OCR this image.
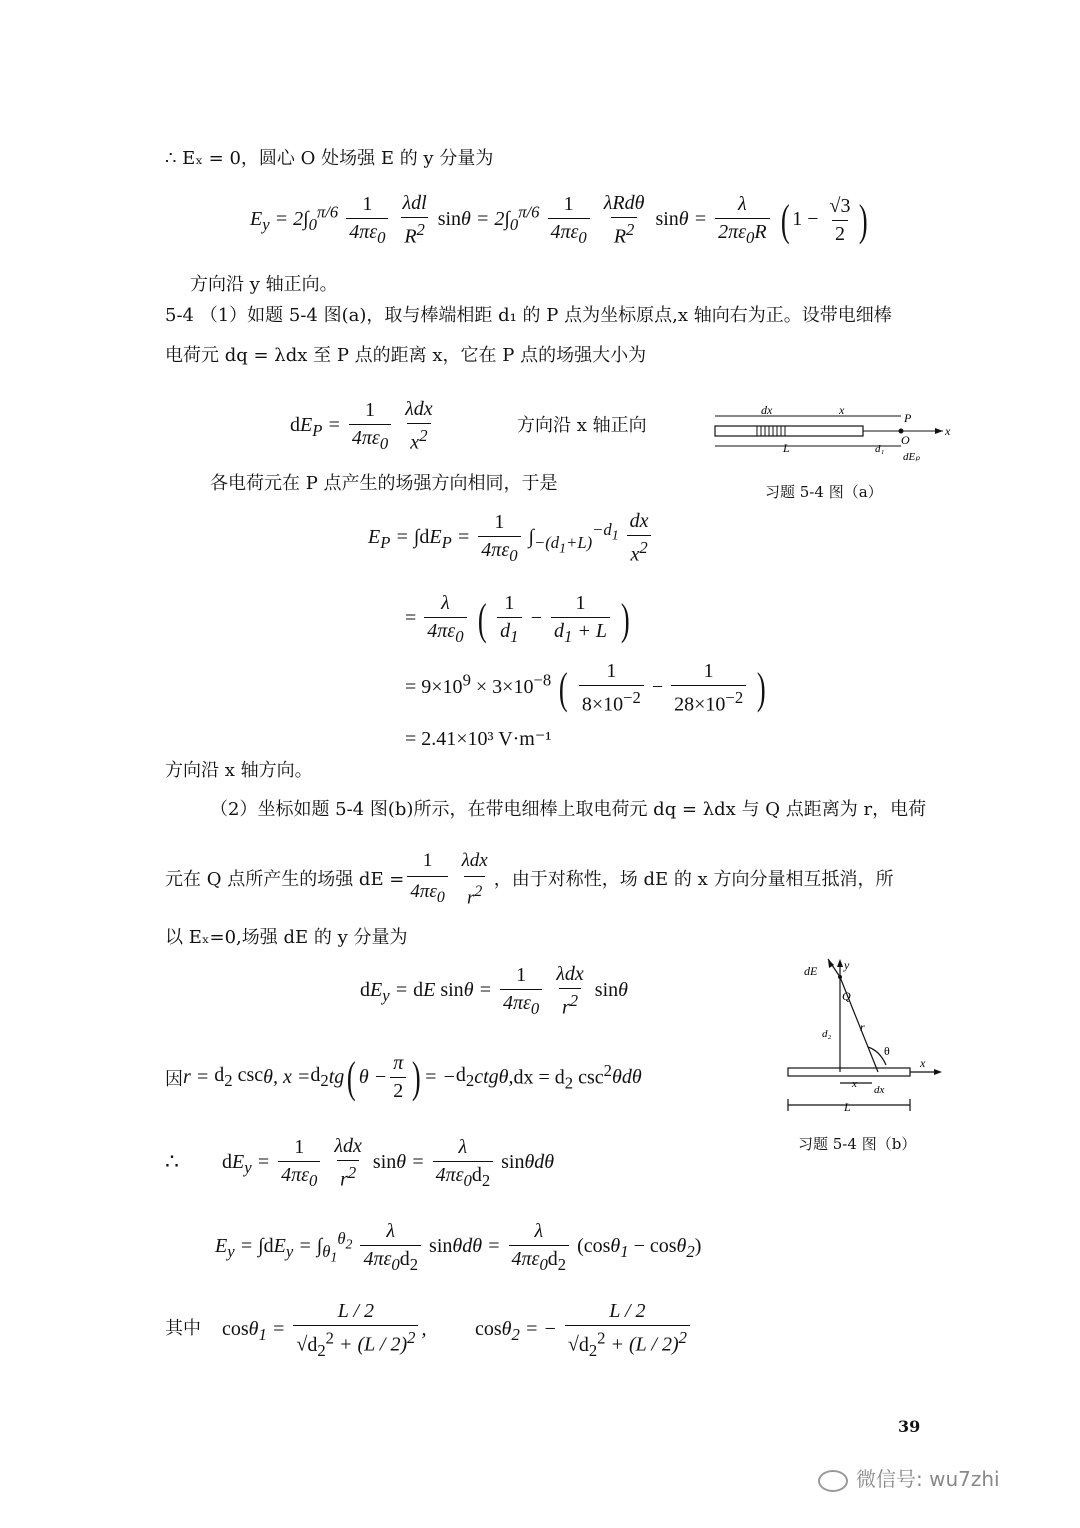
∴ Eₓ = 0，圆心 O 处场强 E 的 y 分量为
$E_y = 2\int_0^{\pi/6} \frac{1}{4\pi\varepsilon_0}$
$\frac{\text{λdl}}{R^2}$ $\sin\theta = 2\int_0^{\pi/6} \frac{1}{4\pi\varepsilon_0}$
$\frac{\text{λRdθ}}{R^2}$ $\sin\theta = \frac{\lambda}{2\pi\varepsilon_0R}$ ( $1 - \frac{√3}{2}$ )
方向沿 y 轴正向。
5-4 （1）如题 5-4 图(a)，取与棒端相距 d₁ 的 P 点为坐标原点,x 轴向右为正。设带电细棒
电荷元 dq = λdx 至 P 点的距离 x，它在 P 点的场强大小为
$dE_P = \frac{1}{4\pi\varepsilon_0}$
$\frac{\text{λdx}}{x^2}$	方向沿 x 轴正向
dx	x
P
x
L	d₁
O
dEₚ
习题 5-4 图（a）
各电荷元在 P 点产生的场强方向相同，于是
$E_P = \int dE_P = \frac{1}{4\pi\varepsilon_0} \int_{-(d_1+L)}^{-d_1} \frac{dx}{x^2}$
= $\frac{\lambda}{4\pi\varepsilon_0}$ ( $\frac{1}{d_1} - \frac{1}{d_1 + L}$ )
= $9\times 10^9 \times 3\times 10^{-8}$ ( $\frac{1}{8\times 10^{-2}} - \frac{1}{28\times 10^{-2}}$ )
= 2.41×10³ V·m⁻¹
方向沿 x 轴方向。
（2）坐标如题 5-4 图(b)所示，在带电细棒上取电荷元 dq = λdx 与 Q 点距离为 r，电荷
元在 Q 点所产生的场强 dE = $\frac{1}{4\pi\varepsilon_0}$
$\frac{\text{λdx}}{r^2}$ ，由于对称性，场 dE 的 x 方向分量相互抵消，所
以 Eₓ=0,场强 dE 的 y 分量为
$dE_y$ = dE $\sin\theta = \frac{1}{4\pi\varepsilon_0}$
$\frac{\text{λdx}}{r^2}$ sinθ
dE y
Q
d₂ r
θ
x
x dx
L
习题 5-4 图（b）
因 $r = d_2$ csc θ, $x = d_2$ tg ( $\theta - \frac{\pi}{2}$ ) = − $d_2$ ctgθ, dx = $d_2$ $\csc^2 \theta d\theta$
∴ $dE_y = \frac{1}{4\pi\varepsilon_0}$
$\frac{\text{λdx}}{r^2}$ $\sin\theta = \frac{\lambda}{4\pi\varepsilon_0d_2}$ sinθdθ
$E_y = \int dE_y = \int_{\theta_1}^{\theta_2} \frac{\lambda}{4\pi\varepsilon_0d_2}$ $\sin\theta d\theta = \frac{\lambda}{4\pi\varepsilon_0d_2} (\cos\theta_1 - \cos\theta_2)$
其中 $\cos\theta_1 = \frac{L / 2}{√d_2^2 + (L / 2)^2}$ , cosθ$_2$ = − $\frac{L / 2}{√d_2^2 + (L / 2)^2}$
39
微信号: wu7zhi
